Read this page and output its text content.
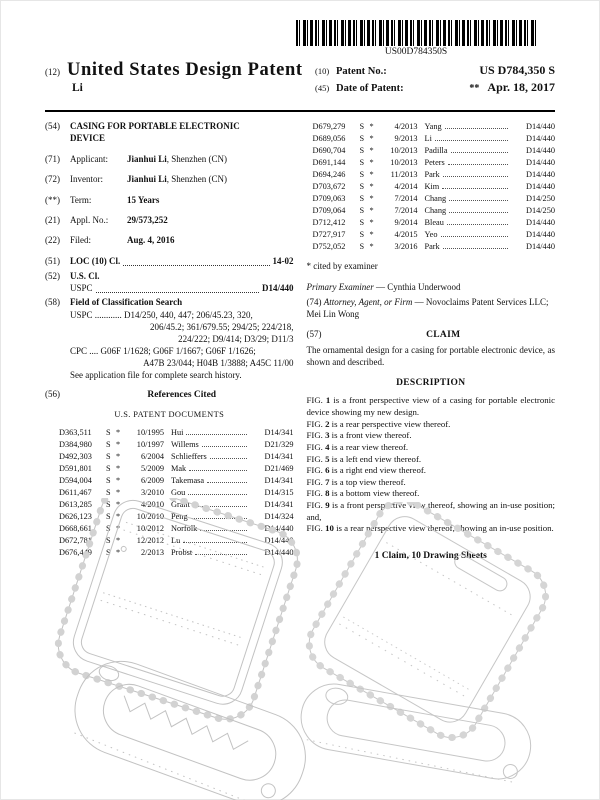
US00D784350S
(12) United States Design Patent
Li
(10) Patent No.:	US D784,350 S
(45) Date of Patent:	** Apr. 18, 2017
(54)	CASING FOR PORTABLE ELECTRONIC DEVICE
(71)	Applicant:	Jianhui Li, Shenzhen (CN)
(72)	Inventor:	Jianhui Li, Shenzhen (CN)
(**)	Term:	15 Years
(21)	Appl. No.:	29/573,252
(22)	Filed:	Aug. 4, 2016
(51)	LOC (10) Cl.	14-02
(52)	U.S. Cl.
USPC	D14/440
(58)	Field of Classification Search
USPC ............ D14/250, 440, 447; 206/45.23, 320,
206/45.2; 361/679.55; 294/25; 224/218,
224/222; D9/414; D3/29; D11/3
CPC .... G06F 1/1628; G06F 1/1667; G06F 1/1626;
A47B 23/044; H04B 1/3888; A45C 11/00
See application file for complete search history.
(56)	References Cited
U.S. PATENT DOCUMENTS
D363,511	S *	10/1995 Hui	D14/341
D384,980	S *	10/1997 Willems	D21/329
D492,303	S *	6/2004 Schlieffers	D14/341
D591,801	S *	5/2009 Mak	D21/469
D594,004	S *	6/2009 Takemasa	D14/341
D611,467	S *	3/2010 Gou	D14/315
D613,285	S *	4/2010 Grant	D14/341
D626,123	S *	10/2010 Peng	D14/324
D668,661	S *	10/2012 Norfolk	D14/440
D672,781	S *	12/2012 Lu	D14/440
D676,449	S *	2/2013 Probst	D14/440
D679,279	S *	4/2013 Yang	D14/440
D689,056	S *	9/2013 Li	D14/440
D690,704	S *	10/2013 Padilla	D14/440
D691,144	S *	10/2013 Peters	D14/440
D694,246	S *	11/2013 Park	D14/440
D703,672	S *	4/2014 Kim	D14/440
D709,063	S *	7/2014 Chang	D14/250
D709,064	S *	7/2014 Chang	D14/250
D712,412	S *	9/2014 Bleau	D14/440
D727,917	S *	4/2015 Yeo	D14/440
D752,052	S *	3/2016 Park	D14/440
* cited by examiner
Primary Examiner — Cynthia Underwood
(74) Attorney, Agent, or Firm — Novoclaims Patent Services LLC; Mei Lin Wong
(57)	CLAIM
The ornamental design for a casing for portable electronic device, as shown and described.
DESCRIPTION
FIG. 1 is a front perspective view of a casing for portable electronic device showing my new design.
FIG. 2 is a rear perspective view thereof.
FIG. 3 is a front view thereof.
FIG. 4 is a rear view thereof.
FIG. 5 is a left end view thereof.
FIG. 6 is a right end view thereof.
FIG. 7 is a top view thereof.
FIG. 8 is a bottom view thereof.
FIG. 9 is a front perspective view thereof, showing an in-use position; and,
FIG. 10 is a rear perspective view thereof, showing an in-use position.
1 Claim, 10 Drawing Sheets
